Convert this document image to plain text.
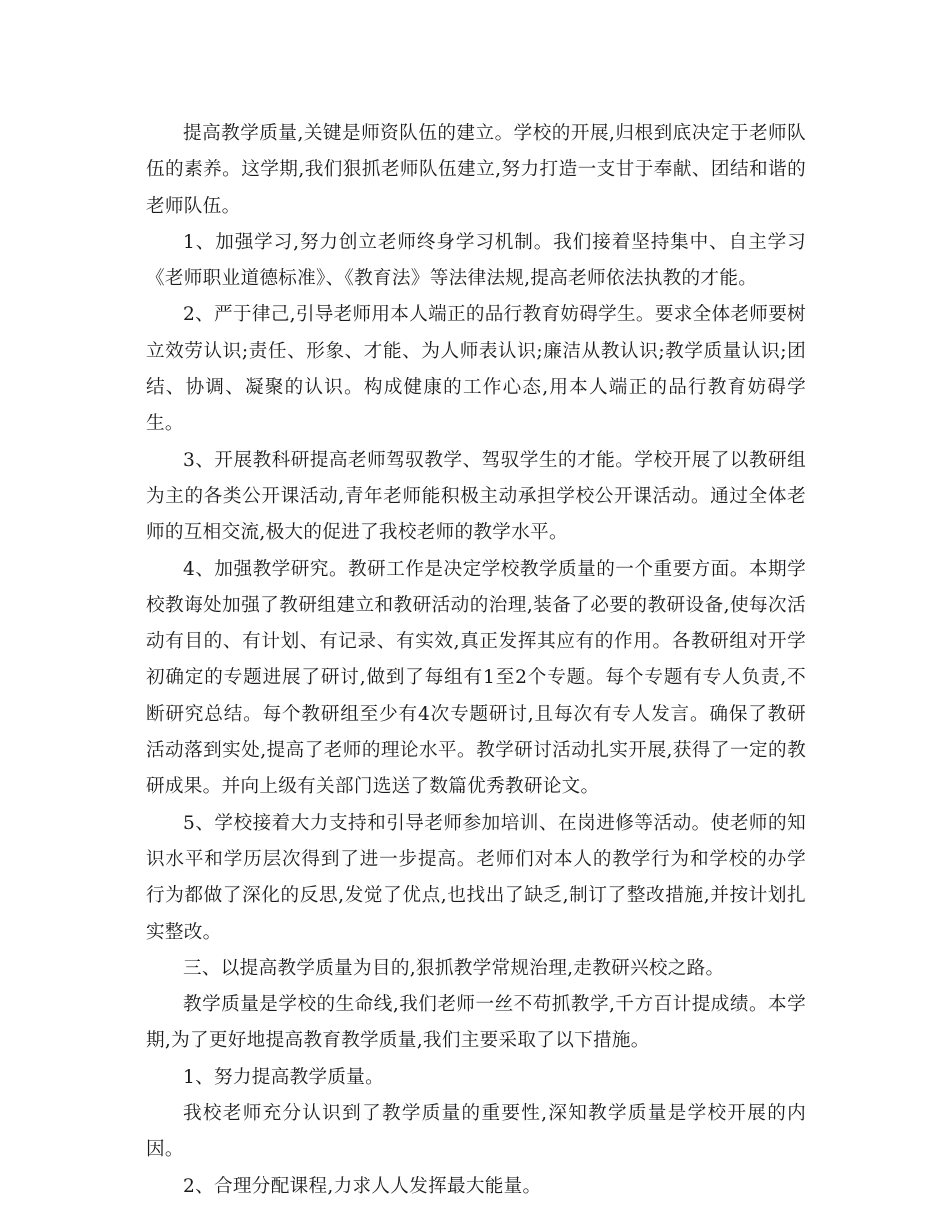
提高教学质量,关键是师资队伍的建立。学校的开展,归根到底决定于老师队伍的素养。这学期,我们狠抓老师队伍建立,努力打造一支甘于奉献、团结和谐的老师队伍。

1、加强学习,努力创立老师终身学习机制。我们接着坚持集中、自主学习《老师职业道德标准》、《教育法》等法律法规,提高老师依法执教的才能。

2、严于律己,引导老师用本人端正的品行教育妨碍学生。要求全体老师要树立效劳认识;责任、形象、才能、为人师表认识;廉洁从教认识;教学质量认识;团结、协调、凝聚的认识。构成健康的工作心态,用本人端正的品行教育妨碍学生。

3、开展教科研提高老师驾驭教学、驾驭学生的才能。学校开展了以教研组为主的各类公开课活动,青年老师能积极主动承担学校公开课活动。通过全体老师的互相交流,极大的促进了我校老师的教学水平。

4、加强教学研究。教研工作是决定学校教学质量的一个重要方面。本期学校教诲处加强了教研组建立和教研活动的治理,装备了必要的教研设备,使每次活动有目的、有计划、有记录、有实效,真正发挥其应有的作用。各教研组对开学初确定的专题进展了研讨,做到了每组有1至2个专题。每个专题有专人负责,不断研究总结。每个教研组至少有4次专题研讨,且每次有专人发言。确保了教研活动落到实处,提高了老师的理论水平。教学研讨活动扎实开展,获得了一定的教研成果。并向上级有关部门选送了数篇优秀教研论文。

5、学校接着大力支持和引导老师参加培训、在岗进修等活动。使老师的知识水平和学历层次得到了进一步提高。老师们对本人的教学行为和学校的办学行为都做了深化的反思,发觉了优点,也找出了缺乏,制订了整改措施,并按计划扎实整改。

三、以提高教学质量为目的,狠抓教学常规治理,走教研兴校之路。

教学质量是学校的生命线,我们老师一丝不苟抓教学,千方百计提成绩。本学期,为了更好地提高教育教学质量,我们主要采取了以下措施。

1、努力提高教学质量。

我校老师充分认识到了教学质量的重要性,深知教学质量是学校开展的内因。

2、合理分配课程,力求人人发挥最大能量。
